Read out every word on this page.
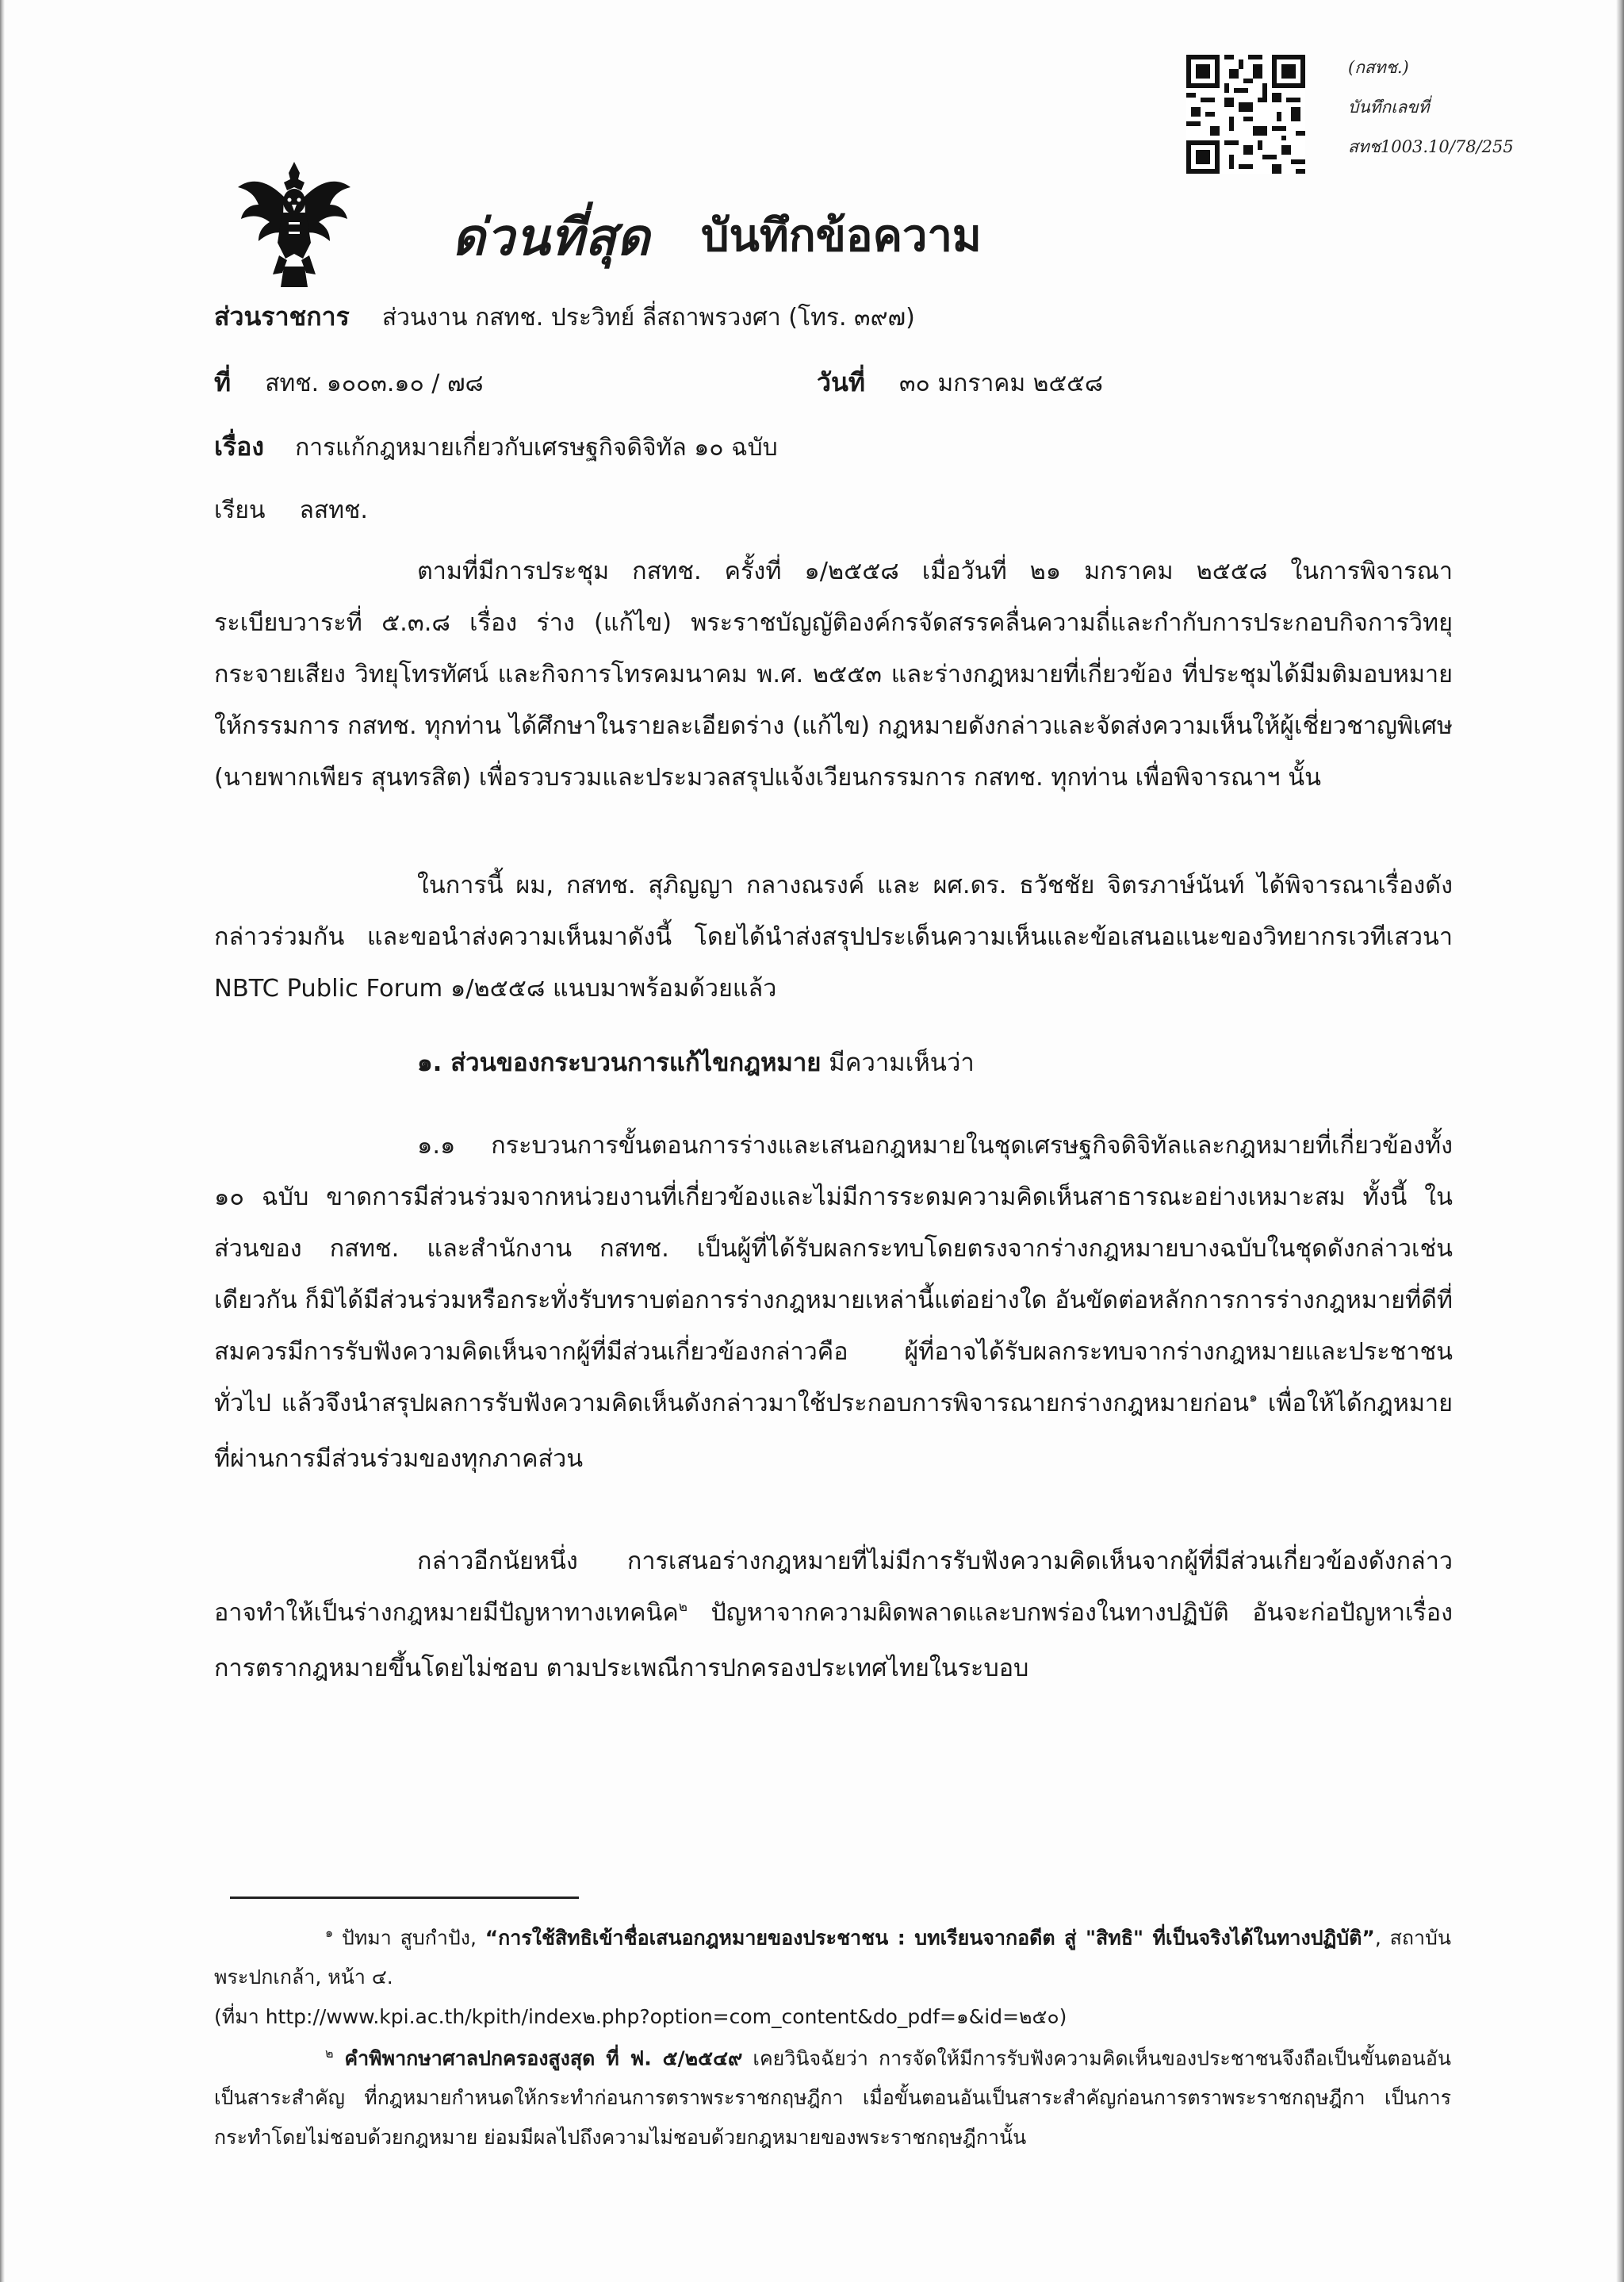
(กสทช.)
บันทึกเลขที่
สทช1003.10/78/255
ด่วนที่สุด บันทึกข้อความ
ส่วนราชการ ส่วนงาน กสทช. ประวิทย์ ลี่สถาพรวงศา (โทร. ๓๙๗)
ที่ สทช. ๑๐๐๓.๑๐ / ๗๘	วันที่ ๓๐ มกราคม ๒๕๕๘
เรื่อง การแก้กฎหมายเกี่ยวกับเศรษฐกิจดิจิทัล ๑๐ ฉบับ
เรียน ลสทช.

ตามที่มีการประชุม กสทช. ครั้งที่ ๑/๒๕๕๘ เมื่อวันที่ ๒๑ มกราคม ๒๕๕๘ ในการพิจารณาระเบียบวาระที่ ๕.๓.๘ เรื่อง ร่าง (แก้ไข) พระราชบัญญัติองค์กรจัดสรรคลื่นความถี่และกำกับการประกอบกิจการวิทยุกระจายเสียง วิทยุโทรทัศน์ และกิจการโทรคมนาคม พ.ศ. ๒๕๕๓ และร่างกฎหมายที่เกี่ยวข้อง ที่ประชุมได้มีมติมอบหมายให้กรรมการ กสทช. ทุกท่าน ได้ศึกษาในรายละเอียดร่าง (แก้ไข) กฎหมายดังกล่าวและจัดส่งความเห็นให้ผู้เชี่ยวชาญพิเศษ (นายพากเพียร สุนทรสิต) เพื่อรวบรวมและประมวลสรุปแจ้งเวียนกรรมการ กสทช. ทุกท่าน เพื่อพิจารณาฯ นั้น

ในการนี้ ผม, กสทช. สุภิญญา กลางณรงค์ และ ผศ.ดร. ธวัชชัย จิตรภาษ์นันท์ ได้พิจารณาเรื่องดังกล่าวร่วมกัน และขอนำส่งความเห็นมาดังนี้ โดยได้นำส่งสรุปประเด็นความเห็นและข้อเสนอแนะของวิทยากรเวทีเสวนา NBTC Public Forum ๑/๒๕๕๘ แนบมาพร้อมด้วยแล้ว

๑. ส่วนของกระบวนการแก้ไขกฎหมาย มีความเห็นว่า

๑.๑ กระบวนการขั้นตอนการร่างและเสนอกฎหมายในชุดเศรษฐกิจดิจิทัลและกฎหมายที่เกี่ยวข้องทั้ง ๑๐ ฉบับ ขาดการมีส่วนร่วมจากหน่วยงานที่เกี่ยวข้องและไม่มีการระดมความคิดเห็นสาธารณะอย่างเหมาะสม ทั้งนี้ ในส่วนของ กสทช. และสำนักงาน กสทช. เป็นผู้ที่ได้รับผลกระทบโดยตรงจากร่างกฎหมายบางฉบับในชุดดังกล่าวเช่นเดียวกัน ก็มิได้มีส่วนร่วมหรือกระทั่งรับทราบต่อการร่างกฎหมายเหล่านี้แต่อย่างใด อันขัดต่อหลักการการร่างกฎหมายที่ดีที่สมควรมีการรับฟังความคิดเห็นจากผู้ที่มีส่วนเกี่ยวข้องกล่าวคือ ผู้ที่อาจได้รับผลกระทบจากร่างกฎหมายและประชาชนทั่วไป แล้วจึงนำสรุปผลการรับฟังความคิดเห็นดังกล่าวมาใช้ประกอบการพิจารณายกร่างกฎหมายก่อน$^๑$ เพื่อให้ได้กฎหมายที่ผ่านการมีส่วนร่วมของทุกภาคส่วน

กล่าวอีกนัยหนึ่ง การเสนอร่างกฎหมายที่ไม่มีการรับฟังความคิดเห็นจากผู้ที่มีส่วนเกี่ยวข้องดังกล่าว อาจทำให้เป็นร่างกฎหมายมีปัญหาทางเทคนิค$^๒$ ปัญหาจากความผิดพลาดและบกพร่องในทางปฏิบัติ อันจะก่อปัญหาเรื่องการตรากฎหมายขึ้นโดยไม่ชอบ ตามประเพณีการปกครองประเทศไทยในระบอบ

$^๑$ ปัทมา สูบกำปัง, “การใช้สิทธิเข้าชื่อเสนอกฎหมายของประชาชน : บทเรียนจากอดีต สู่ "สิทธิ" ที่เป็นจริงได้ในทางปฏิบัติ”, สถาบันพระปกเกล้า, หน้า ๔.

(ที่มา http://www.kpi.ac.th/kpith/index๒.php?option=com_content&do_pdf=๑&id=๒๕๐)

$^๒$ คำพิพากษาศาลปกครองสูงสุด ที่ ฟ. ๕/๒๕๔๙ เคยวินิจฉัยว่า การจัดให้มีการรับฟังความคิดเห็นของประชาชนจึงถือเป็นขั้นตอนอันเป็นสาระสำคัญ ที่กฎหมายกำหนดให้กระทำก่อนการตราพระราชกฤษฎีกา เมื่อขั้นตอนอันเป็นสาระสำคัญก่อนการตราพระราชกฤษฎีกา เป็นการกระทำโดยไม่ชอบด้วยกฎหมาย ย่อมมีผลไปถึงความไม่ชอบด้วยกฎหมายของพระราชกฤษฎีกานั้น
